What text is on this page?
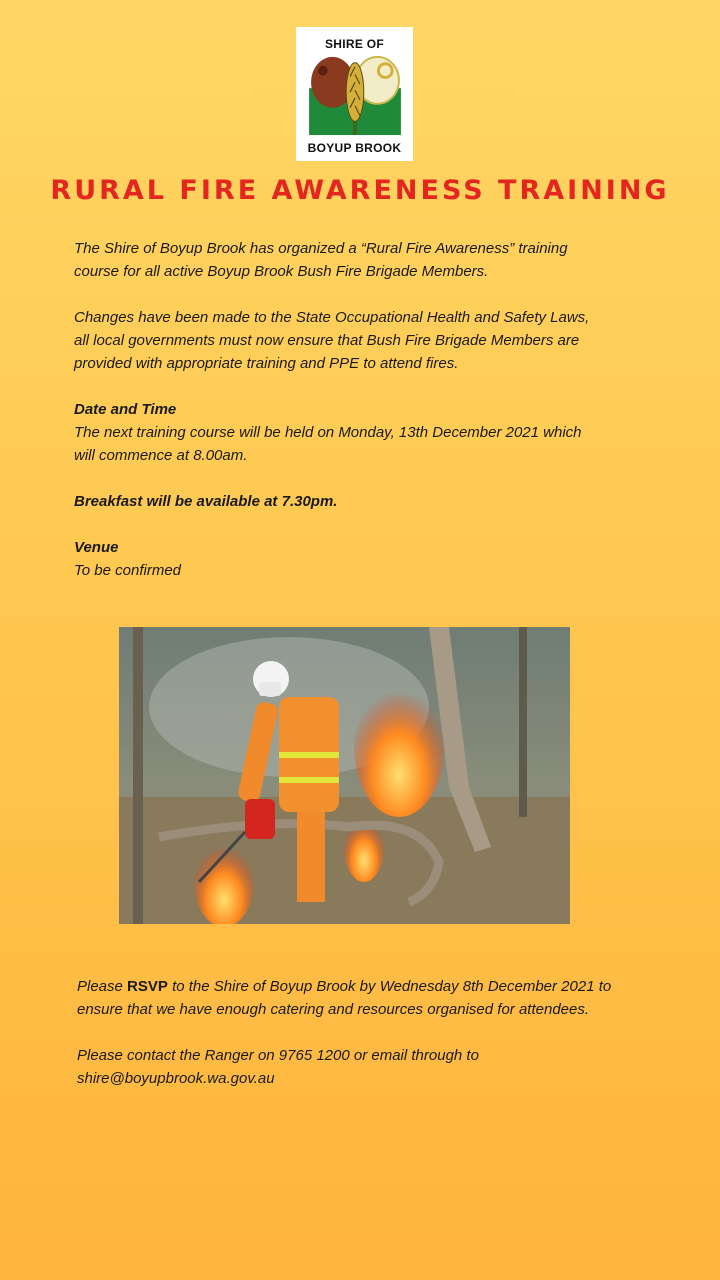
SHIRE OF
BOYUP BROOK
RURAL FIRE AWARENESS TRAINING

The Shire of Boyup Brook has organized a “Rural Fire Awareness” training

course for all active Boyup Brook Bush Fire Brigade Members.

Changes have been made to the State Occupational Health and Safety Laws,

all local governments must now ensure that Bush Fire Brigade Members are

provided with appropriate training and PPE to attend fires.

Date and Time

The next training course will be held on Monday, 13th December 2021 which

will commence at 8.00am.

Breakfast will be available at 7.30pm.

Venue

To be confirmed

Please RSVP to the Shire of Boyup Brook by Wednesday 8th December 2021 to

ensure that we have enough catering and resources organised for attendees.

Please contact the Ranger on 9765 1200 or email through to

shire@boyupbrook.wa.gov.au
